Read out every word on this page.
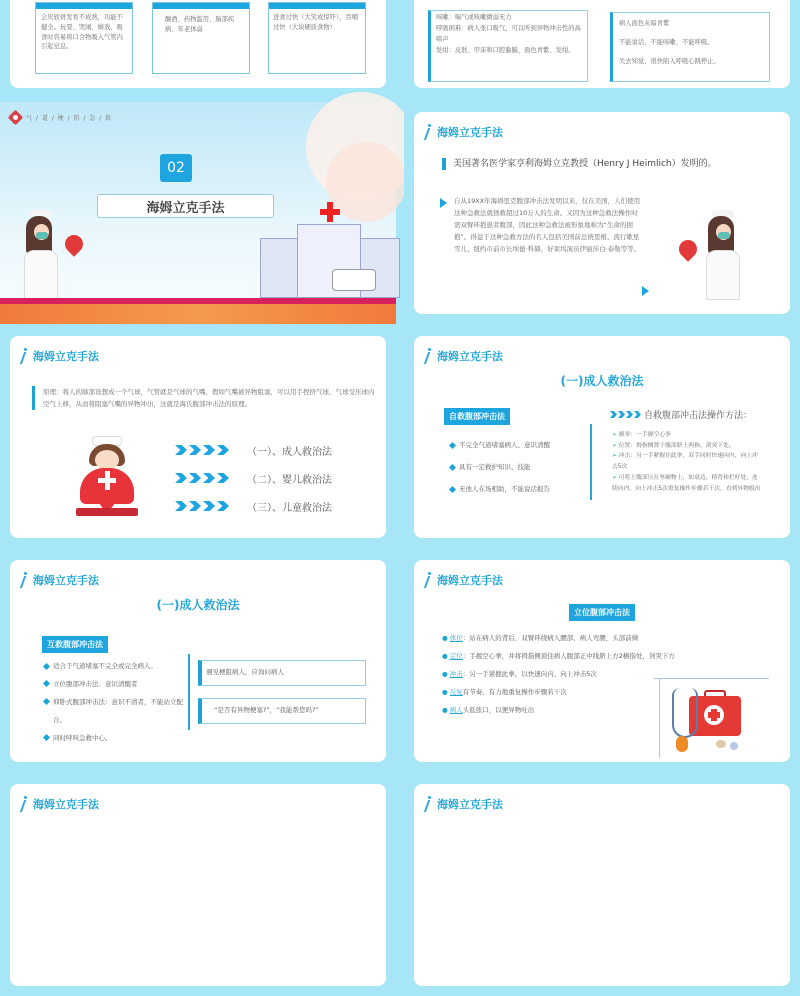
会厌软骨发育不成熟，功能不健全。玩耍、哭闹、嬉戏、吸食时容易将口含物吸入气管内引起窒息。
酗酒、药物滥用、脑部疾病、年老体弱
进食过快（大笑或惊吓），吞咽过快（大块硬质食物）
咳嗽：喘气或咳嗽微弱无力
呼吸困难：病人张口吸气，可以听到异物冲击性的高啼声
发绀：皮肤、甲床和口腔黏膜、面色青紫、发绀。
病人面色灰暗青紫
不能说话、不能咳嗽、不能呼吸。
失去知觉，很快陷入呼吸心跳停止。
气 / 道 / 梗 / 阻 / 急 / 救
02
海姆立克手法
海姆立克手法
美国著名医学家亨利海姆立克教授（Henry J Heimlich）发明的。
自从19XX年海姆里克腹部冲击法发明以来，仅在美国，人们使用这种急救法就拯救超过10万人的生命。又因为这种急救法操作时需双臂环抱患者腹部，因此这种急救法被形象地称为“生命的拥抱”。得益于这种急救方法的名人包括美国前总统里根、流行歌星雪儿、纽约市前市长埃德·科赫、好莱坞演员伊丽莎白·泰勒等等。
海姆立克手法
原理：将人的肺部设想成一个气球，气管就是气球的气嘴，假如气嘴被异物阻塞，可以用手捏挤气球，气球受压球内空气上移，从而将阻塞气嘴的异物冲出，这就是海氏腹部冲击法的原理。
（一）、成人救治法
（二）、婴儿救治法
（三）、儿童救治法
海姆立克手法
(一)成人救治法
自救腹部冲击法
不完全气道堵塞病人、意识清醒
具有一定救护知识、技能
无他人在场相助，不能说话报告
自救腹部冲击法操作方法：
➢ 握拳：一手握空心拳
➢ 位置：拇指侧置于腹部脐上两指、剑突下处。
➢ 冲击：另一手紧握住此拳，双手同时快速向内、向上冲击5次
➢ 可将上腹部压在坚硬物上，如桌边、椅背和栏杆处，连续向内、向上冲击5次重复操作步骤若干次，直到异物脱出
海姆立克手法
(一)成人救治法
互救腹部冲击法
适合于气道堵塞不完全或完全病人。
立位腹部冲击法：意识清醒者
仰卧式腹部冲击法：意识不清者，不能站立配合。
同时呼叫急救中心。
遇见梗阻病人，应询问病人
“是否有异物梗塞?”，“我能帮您吗?”
海姆立克手法
立位腹部冲击法
● 体位：站在病人的背后，双臂环绕病人腰部，病人弯腰，头部前倾
● 定位：手握空心拳，并将拇指侧顶住病人腹部正中线脐上方2横指处，剑突下方
● 冲击：另一手紧握此拳，以快速向内、向上冲击5次
● 反复有节奏、有力地重复操作步骤若干次
● 病人头低张口，以便异物吐出
海姆立克手法	海姆立克手法
